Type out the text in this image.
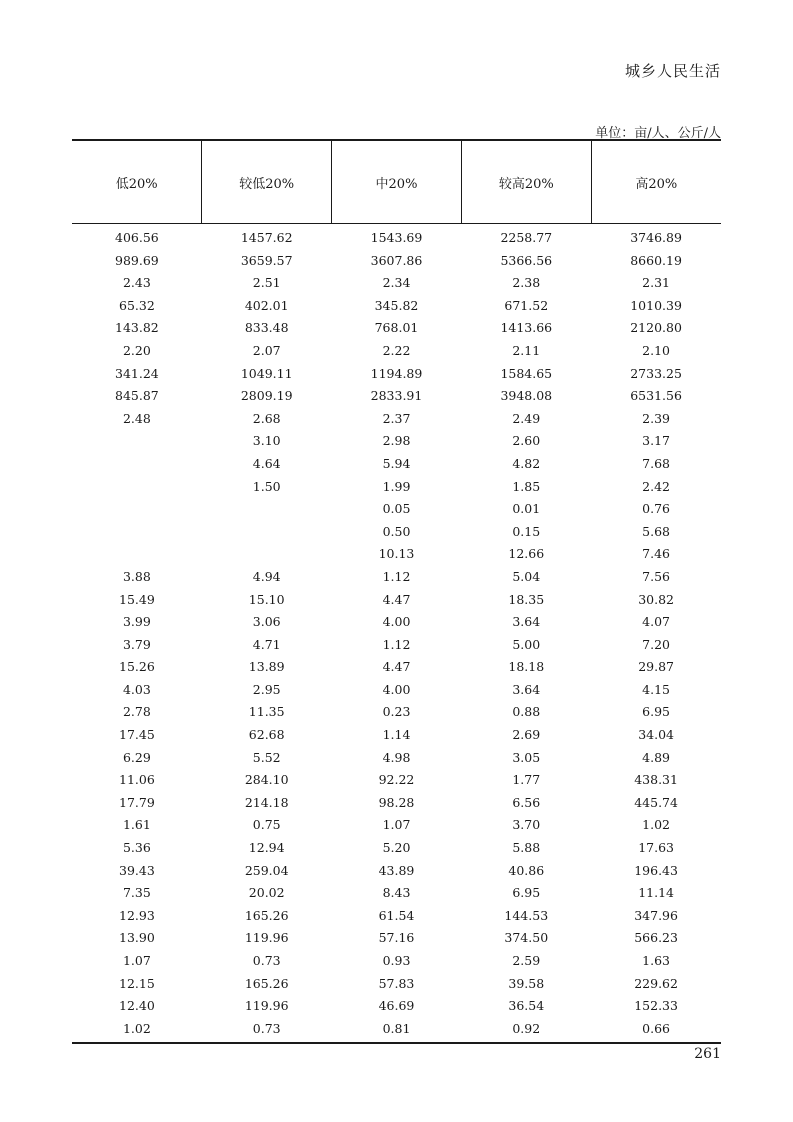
城乡人民生活
单位：亩/人、公斤/人
低20%	较低20%	中20%	较高20%	高20%
406.56	1457.62	1543.69	2258.77	3746.89
989.69	3659.57	3607.86	5366.56	8660.19
2.43	2.51	2.34	2.38	2.31
65.32	402.01	345.82	671.52	1010.39
143.82	833.48	768.01	1413.66	2120.80
2.20	2.07	2.22	2.11	2.10
341.24	1049.11	1194.89	1584.65	2733.25
845.87	2809.19	2833.91	3948.08	6531.56
2.48	2.68	2.37	2.49	2.39
	3.10	2.98	2.60	3.17
	4.64	5.94	4.82	7.68
	1.50	1.99	1.85	2.42
		0.05	0.01	0.76
		0.50	0.15	5.68
		10.13	12.66	7.46
3.88	4.94	1.12	5.04	7.56
15.49	15.10	4.47	18.35	30.82
3.99	3.06	4.00	3.64	4.07
3.79	4.71	1.12	5.00	7.20
15.26	13.89	4.47	18.18	29.87
4.03	2.95	4.00	3.64	4.15
2.78	11.35	0.23	0.88	6.95
17.45	62.68	1.14	2.69	34.04
6.29	5.52	4.98	3.05	4.89
11.06	284.10	92.22	1.77	438.31
17.79	214.18	98.28	6.56	445.74
1.61	0.75	1.07	3.70	1.02
5.36	12.94	5.20	5.88	17.63
39.43	259.04	43.89	40.86	196.43
7.35	20.02	8.43	6.95	11.14
12.93	165.26	61.54	144.53	347.96
13.90	119.96	57.16	374.50	566.23
1.07	0.73	0.93	2.59	1.63
12.15	165.26	57.83	39.58	229.62
12.40	119.96	46.69	36.54	152.33
1.02	0.73	0.81	0.92	0.66
261
